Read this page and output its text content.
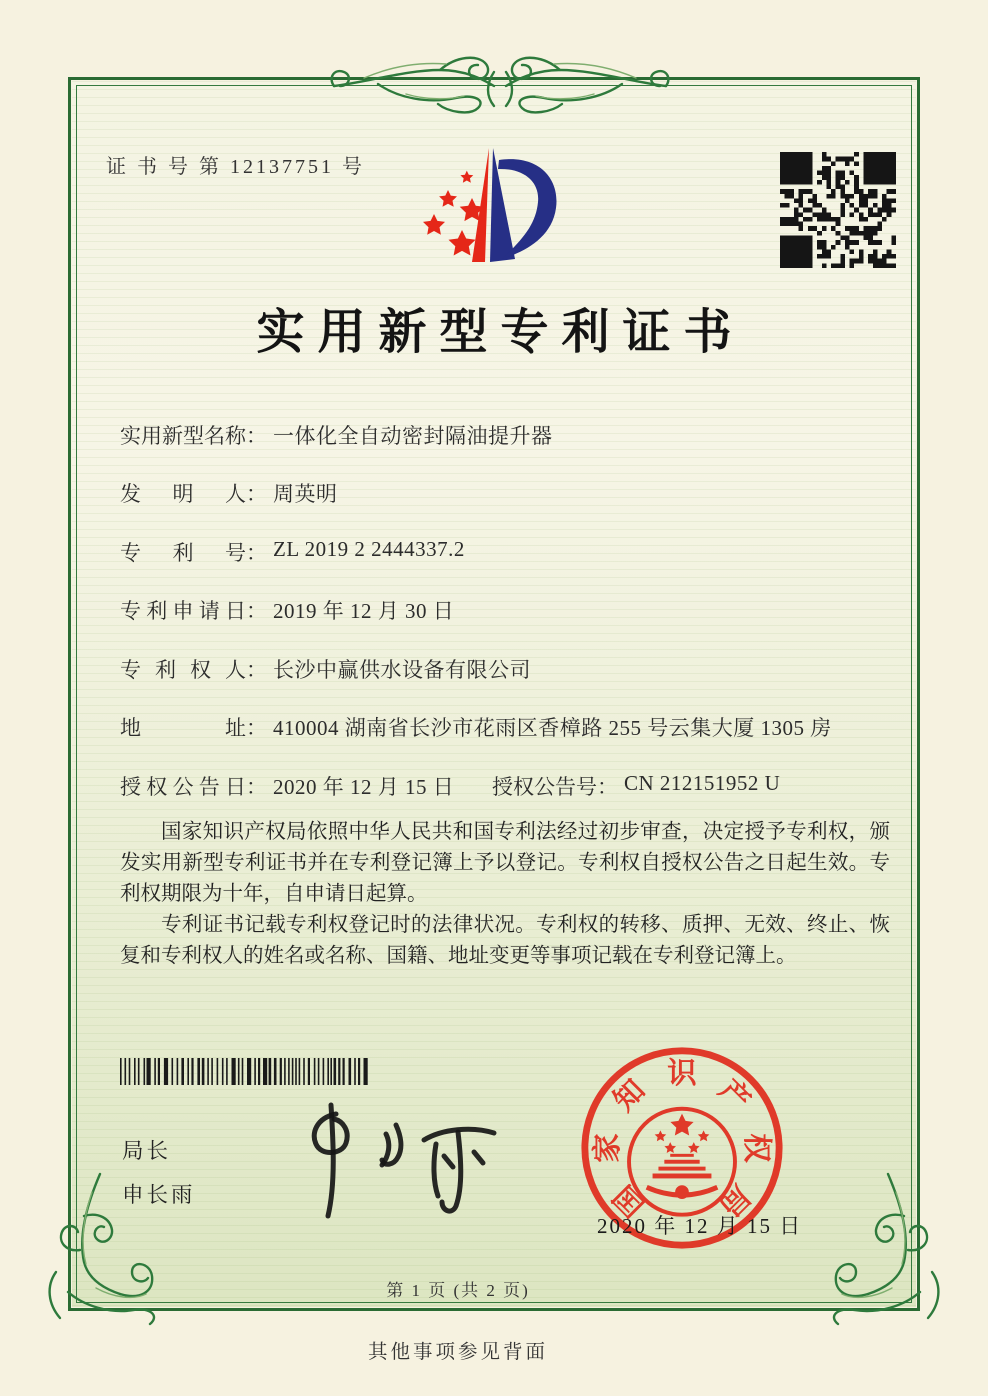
证 书 号 第 12137751 号
实用新型专利证书
实用新型名称： 一体化全自动密封隔油提升器
发明人： 周英明
专利号： ZL 2019 2 2444337.2
专利申请日： 2019 年 12 月 30 日
专利权人： 长沙中赢供水设备有限公司
地址： 410004 湖南省长沙市花雨区香樟路 255 号云集大厦 1305 房
授权公告日： 2020 年 12 月 15 日 授权公告号： CN 212151952 U

国家知识产权局依照中华人民共和国专利法经过初步审查，决定授予专利权，颁发实用新型专利证书并在专利登记簿上予以登记。专利权自授权公告之日起生效。专利权期限为十年，自申请日起算。

专利证书记载专利权登记时的法律状况。专利权的转移、质押、无效、终止、恢复和专利权人的姓名或名称、国籍、地址变更等事项记载在专利登记簿上。

局长
申长雨	国
家
知 识 产
权
局
2020 年 12 月 15 日
第 1 页 (共 2 页)
其他事项参见背面
